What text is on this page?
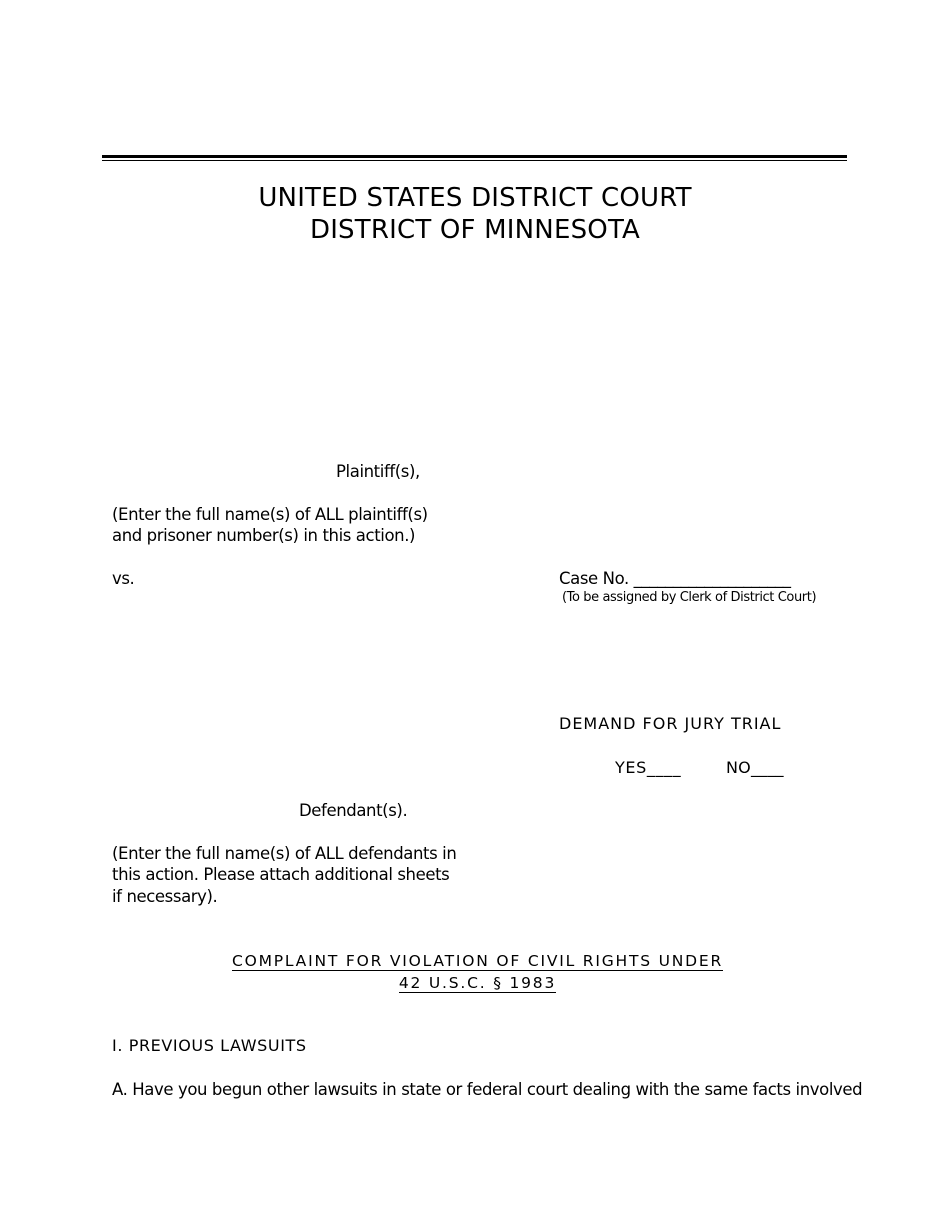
UNITED STATES DISTRICT COURT
DISTRICT OF MINNESOTA
Plaintiff(s),
(Enter the full name(s) of ALL plaintiff(s)
and prisoner number(s) in this action.)
vs.	Case No. ____________________
(To be assigned by Clerk of District Court)
DEMAND FOR JURY TRIAL
YES____	NO____
Defendant(s).
(Enter the full name(s) of ALL defendants in
this action. Please attach additional sheets
if necessary).
COMPLAINT FOR VIOLATION OF CIVIL RIGHTS UNDER
42 U.S.C. § 1983
I. PREVIOUS LAWSUITS
A. Have you begun other lawsuits in state or federal court dealing with the same facts involved
